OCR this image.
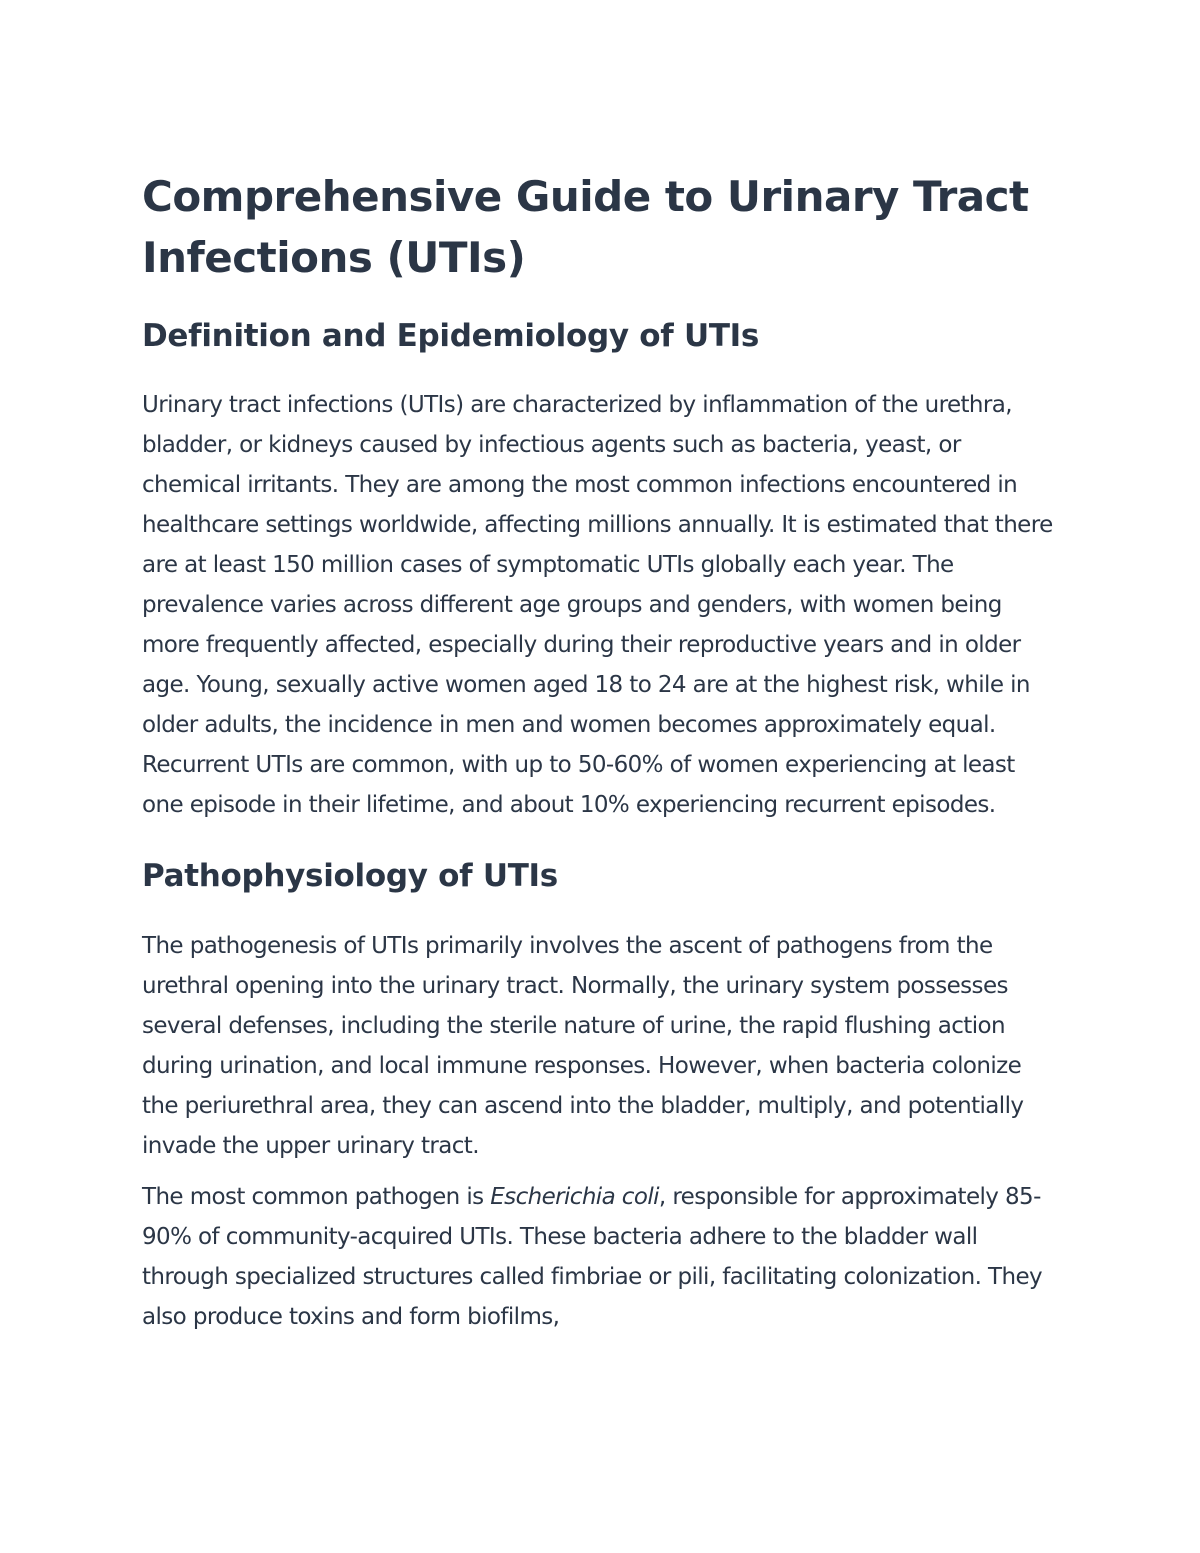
Comprehensive Guide to Urinary Tract Infections (UTIs)
Definition and Epidemiology of UTIs

Urinary tract infections (UTIs) are characterized by inflammation of the urethra, bladder, or kidneys caused by infectious agents such as bacteria, yeast, or chemical irritants. They are among the most common infections encountered in healthcare settings worldwide, affecting millions annually. It is estimated that there are at least 150 million cases of symptomatic UTIs globally each year. The prevalence varies across different age groups and genders, with women being more frequently affected, especially during their reproductive years and in older age. Young, sexually active women aged 18 to 24 are at the highest risk, while in older adults, the incidence in men and women becomes approximately equal. Recurrent UTIs are common, with up to 50-60% of women experiencing at least one episode in their lifetime, and about 10% experiencing recurrent episodes.

Pathophysiology of UTIs

The pathogenesis of UTIs primarily involves the ascent of pathogens from the urethral opening into the urinary tract. Normally, the urinary system possesses several defenses, including the sterile nature of urine, the rapid flushing action during urination, and local immune responses. However, when bacteria colonize the periurethral area, they can ascend into the bladder, multiply, and potentially invade the upper urinary tract.

The most common pathogen is Escherichia coli, responsible for approximately 85-90% of community-acquired UTIs. These bacteria adhere to the bladder wall through specialized structures called fimbriae or pili, facilitating colonization. They also produce toxins and form biofilms,
